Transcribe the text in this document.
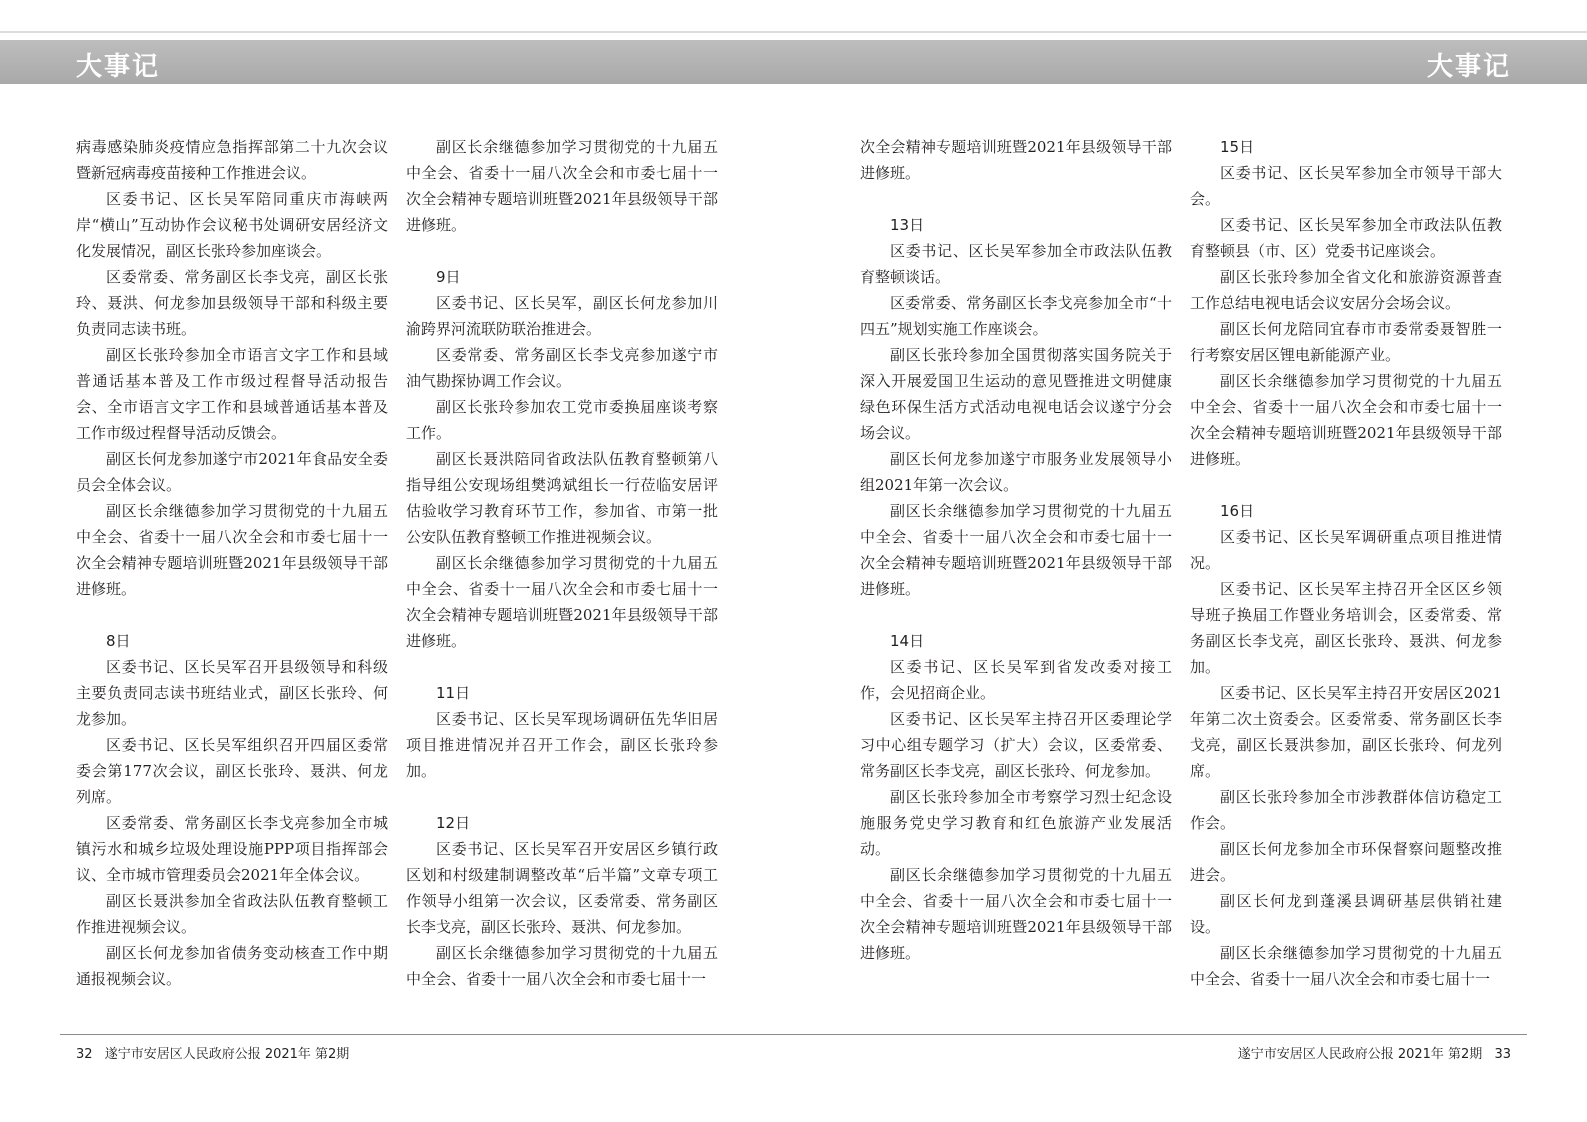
大事记	大事记

病毒感染肺炎疫情应急指挥部第二十九次会议暨新冠病毒疫苗接种工作推进会议。

区委书记、区长吴军陪同重庆市海峡两岸“横山”互动协作会议秘书处调研安居经济文化发展情况，副区长张玲参加座谈会。

区委常委、常务副区长李戈亮，副区长张玲、聂洪、何龙参加县级领导干部和科级主要负责同志读书班。

副区长张玲参加全市语言文字工作和县域普通话基本普及工作市级过程督导活动报告会、全市语言文字工作和县域普通话基本普及工作市级过程督导活动反馈会。

副区长何龙参加遂宁市2021年食品安全委员会全体会议。

副区长余继德参加学习贯彻党的十九届五中全会、省委十一届八次全会和市委七届十一次全会精神专题培训班暨2021年县级领导干部进修班。

8日

区委书记、区长吴军召开县级领导和科级主要负责同志读书班结业式，副区长张玲、何龙参加。

区委书记、区长吴军组织召开四届区委常委会第177次会议，副区长张玲、聂洪、何龙列席。

区委常委、常务副区长李戈亮参加全市城镇污水和城乡垃圾处理设施PPP项目指挥部会议、全市城市管理委员会2021年全体会议。

副区长聂洪参加全省政法队伍教育整顿工作推进视频会议。

副区长何龙参加省债务变动核查工作中期通报视频会议。

副区长余继德参加学习贯彻党的十九届五中全会、省委十一届八次全会和市委七届十一次全会精神专题培训班暨2021年县级领导干部进修班。

9日

区委书记、区长吴军，副区长何龙参加川渝跨界河流联防联治推进会。

区委常委、常务副区长李戈亮参加遂宁市油气勘探协调工作会议。

副区长张玲参加农工党市委换届座谈考察工作。

副区长聂洪陪同省政法队伍教育整顿第八指导组公安现场组樊鸿斌组长一行莅临安居评估验收学习教育环节工作，参加省、市第一批公安队伍教育整顿工作推进视频会议。

副区长余继德参加学习贯彻党的十九届五中全会、省委十一届八次全会和市委七届十一次全会精神专题培训班暨2021年县级领导干部进修班。

11日

区委书记、区长吴军现场调研伍先华旧居项目推进情况并召开工作会，副区长张玲参加。

12日

区委书记、区长吴军召开安居区乡镇行政区划和村级建制调整改革“后半篇”文章专项工作领导小组第一次会议，区委常委、常务副区长李戈亮，副区长张玲、聂洪、何龙参加。

副区长余继德参加学习贯彻党的十九届五中全会、省委十一届八次全会和市委七届十一

次全会精神专题培训班暨2021年县级领导干部进修班。

13日

区委书记、区长吴军参加全市政法队伍教育整顿谈话。

区委常委、常务副区长李戈亮参加全市“十四五”规划实施工作座谈会。

副区长张玲参加全国贯彻落实国务院关于深入开展爱国卫生运动的意见暨推进文明健康绿色环保生活方式活动电视电话会议遂宁分会场会议。

副区长何龙参加遂宁市服务业发展领导小组2021年第一次会议。

副区长余继德参加学习贯彻党的十九届五中全会、省委十一届八次全会和市委七届十一次全会精神专题培训班暨2021年县级领导干部进修班。

14日

区委书记、区长吴军到省发改委对接工作，会见招商企业。

区委书记、区长吴军主持召开区委理论学习中心组专题学习（扩大）会议，区委常委、常务副区长李戈亮，副区长张玲、何龙参加。

副区长张玲参加全市考察学习烈士纪念设施服务党史学习教育和红色旅游产业发展活动。

副区长余继德参加学习贯彻党的十九届五中全会、省委十一届八次全会和市委七届十一次全会精神专题培训班暨2021年县级领导干部进修班。

15日

区委书记、区长吴军参加全市领导干部大会。

区委书记、区长吴军参加全市政法队伍教育整顿县（市、区）党委书记座谈会。

副区长张玲参加全省文化和旅游资源普查工作总结电视电话会议安居分会场会议。

副区长何龙陪同宜春市市委常委聂智胜一行考察安居区锂电新能源产业。

副区长余继德参加学习贯彻党的十九届五中全会、省委十一届八次全会和市委七届十一次全会精神专题培训班暨2021年县级领导干部进修班。

16日

区委书记、区长吴军调研重点项目推进情况。

区委书记、区长吴军主持召开全区区乡领导班子换届工作暨业务培训会，区委常委、常务副区长李戈亮，副区长张玲、聂洪、何龙参加。

区委书记、区长吴军主持召开安居区2021年第二次土资委会。区委常委、常务副区长李戈亮，副区长聂洪参加，副区长张玲、何龙列席。

副区长张玲参加全市涉教群体信访稳定工作会。

副区长何龙参加全市环保督察问题整改推进会。

副区长何龙到蓬溪县调研基层供销社建设。

副区长余继德参加学习贯彻党的十九届五中全会、省委十一届八次全会和市委七届十一

32 遂宁市安居区人民政府公报 2021年 第2期	遂宁市安居区人民政府公报 2021年 第2期 33
